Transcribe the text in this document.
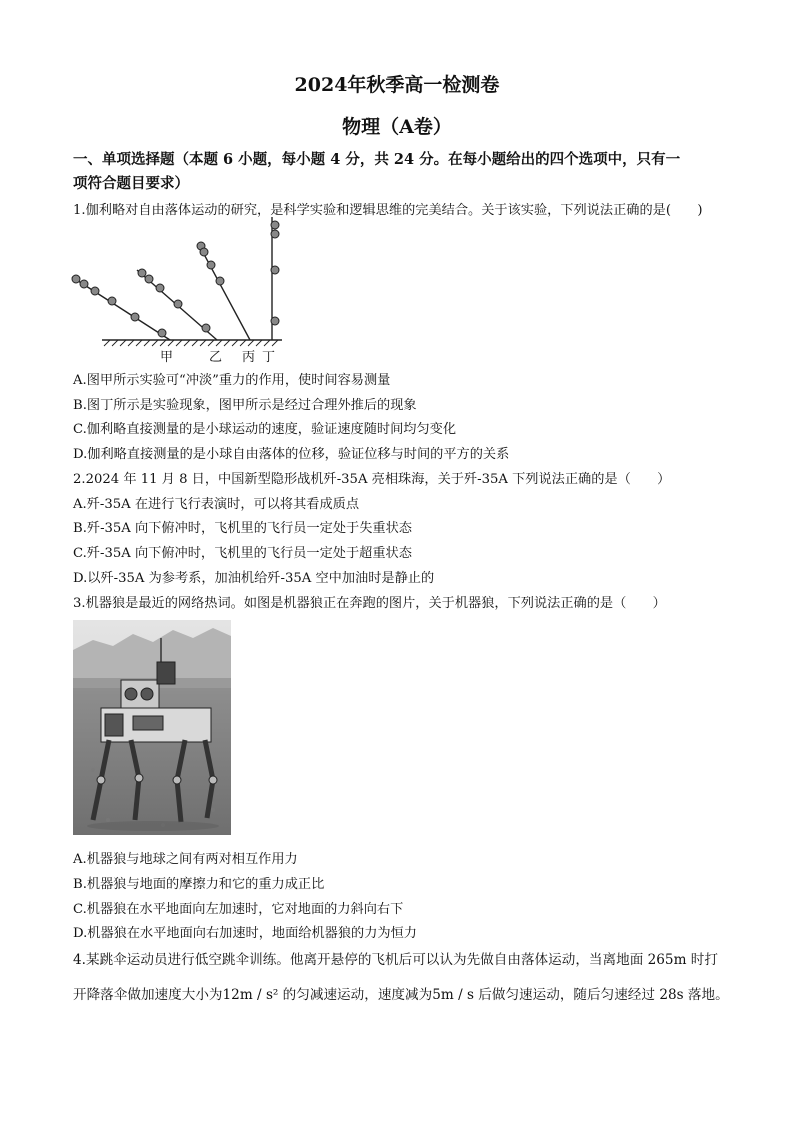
2024年秋季高一检测卷
物理（A卷）
一、单项选择题（本题 6 小题，每小题 4 分，共 24 分。在每小题给出的四个选项中，只有一
项符合题目要求）
1.伽利略对自由落体运动的研究，是科学实验和逻辑思维的完美结合。关于该实验，下列说法正确的是(　　)
甲	乙 丙 丁
A.图甲所示实验可“冲淡”重力的作用，使时间容易测量
B.图丁所示是实验现象，图甲所示是经过合理外推后的现象
C.伽利略直接测量的是小球运动的速度，验证速度随时间均匀变化
D.伽利略直接测量的是小球自由落体的位移，验证位移与时间的平方的关系
2.2024 年 11 月 8 日，中国新型隐形战机歼-35A 亮相珠海，关于歼-35A 下列说法正确的是（　　）
A.歼-35A 在进行飞行表演时，可以将其看成质点
B.歼-35A 向下俯冲时，飞机里的飞行员一定处于失重状态
C.歼-35A 向下俯冲时，飞机里的飞行员一定处于超重状态
D.以歼-35A 为参考系，加油机给歼-35A 空中加油时是静止的
3.机器狼是最近的网络热词。如图是机器狼正在奔跑的图片，关于机器狼，下列说法正确的是（　　）
A.机器狼与地球之间有两对相互作用力
B.机器狼与地面的摩擦力和它的重力成正比
C.机器狼在水平地面向左加速时，它对地面的力斜向右下
D.机器狼在水平地面向右加速时，地面给机器狼的力为恒力
4.某跳伞运动员进行低空跳伞训练。他离开悬停的飞机后可以认为先做自由落体运动，当离地面 265m 时打
开降落伞做加速度大小为12m / s² 的匀减速运动，速度减为5m / s 后做匀速运动，随后匀速经过 28s 落地。
